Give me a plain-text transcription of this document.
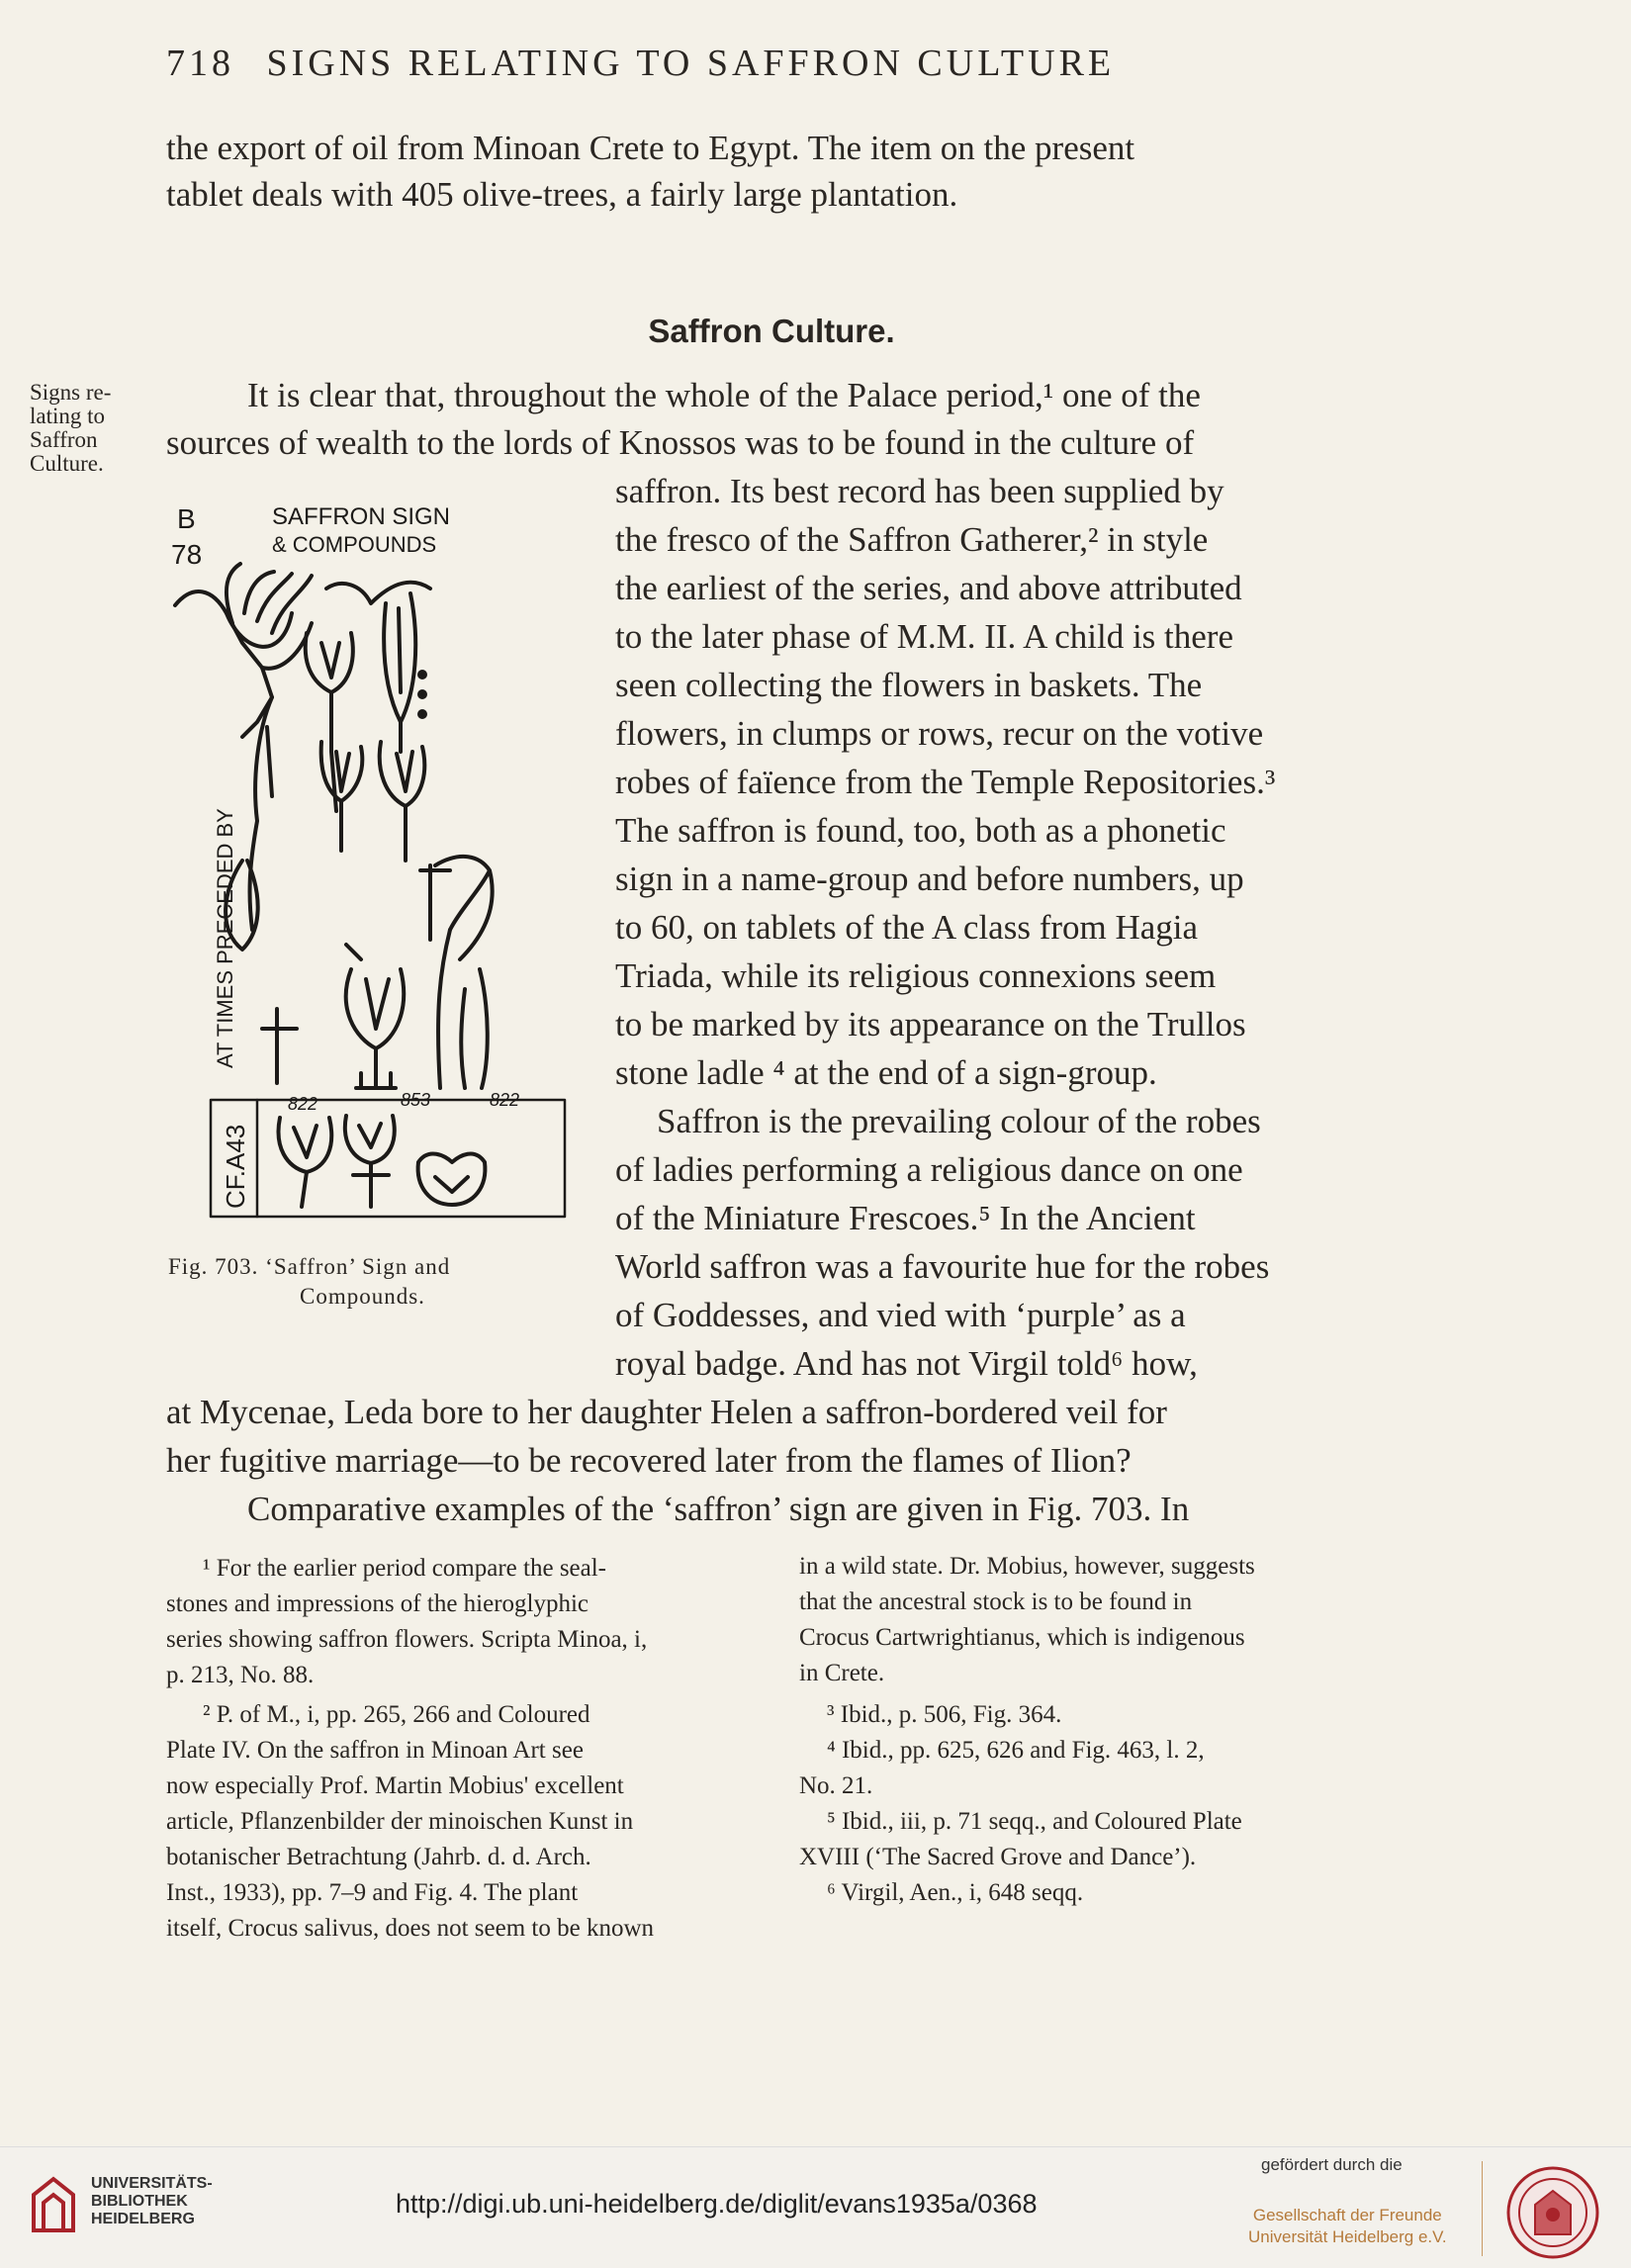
718 SIGNS RELATING TO SAFFRON CULTURE
the export of oil from Minoan Crete to Egypt. The item on the present
tablet deals with 405 olive-trees, a fairly large plantation.
Saffron Culture.
Signs re-
lating to
Saffron
Culture.
It is clear that, throughout the whole of the Palace period,¹ one of the
sources of wealth to the lords of Knossos was to be found in the culture of
saffron. Its best record has been supplied by
the fresco of the Saffron Gatherer,² in style
the earliest of the series, and above attributed
to the later phase of M.M. II. A child is there
seen collecting the flowers in baskets. The
flowers, in clumps or rows, recur on the votive
robes of faïence from the Temple Repositories.³
The saffron is found, too, both as a phonetic
sign in a name-group and before numbers, up
to 60, on tablets of the A class from Hagia
Triada, while its religious connexions seem
to be marked by its appearance on the Trullos
stone ladle ⁴ at the end of a sign-group.
Saffron is the prevailing colour of the robes
of ladies performing a religious dance on one
of the Miniature Frescoes.⁵ In the Ancient
World saffron was a favourite hue for the robes
of Goddesses, and vied with ‘purple’ as a
royal badge. And has not Virgil told⁶ how,
at Mycenae, Leda bore to her daughter Helen a saffron-bordered veil for
her fugitive marriage—to be recovered later from the flames of Ilion?
Comparative examples of the ‘saffron’ sign are given in Fig. 703. In
B
78
SAFFRON SIGN
& COMPOUNDS
AT TIMES PRECEDED BY
822	853	822
CF.A43
Fig. 703. ‘Saffron’ Sign and
Compounds.
¹ For the earlier period compare the seal-
stones and impressions of the hieroglyphic
series showing saffron flowers. Scripta Minoa, i,
p. 213, No. 88.
² P. of M., i, pp. 265, 266 and Coloured
Plate IV. On the saffron in Minoan Art see
now especially Prof. Martin Mobius' excellent
article, Pflanzenbilder der minoischen Kunst in
botanischer Betrachtung (Jahrb. d. d. Arch.
Inst., 1933), pp. 7–9 and Fig. 4. The plant
itself, Crocus salivus, does not seem to be known
in a wild state. Dr. Mobius, however, suggests
that the ancestral stock is to be found in
Crocus Cartwrightianus, which is indigenous
in Crete.
³ Ibid., p. 506, Fig. 364.
⁴ Ibid., pp. 625, 626 and Fig. 463, l. 2,
No. 21.
⁵ Ibid., iii, p. 71 seqq., and Coloured Plate
XVIII (‘The Sacred Grove and Dance’).
⁶ Virgil, Aen., i, 648 seqq.
UNIVERSITÄTS-
BIBLIOTHEK
HEIDELBERG
http://digi.ub.uni-heidelberg.de/diglit/evans1935a/0368
gefördert durch die
Gesellschaft der Freunde
Universität Heidelberg e.V.
